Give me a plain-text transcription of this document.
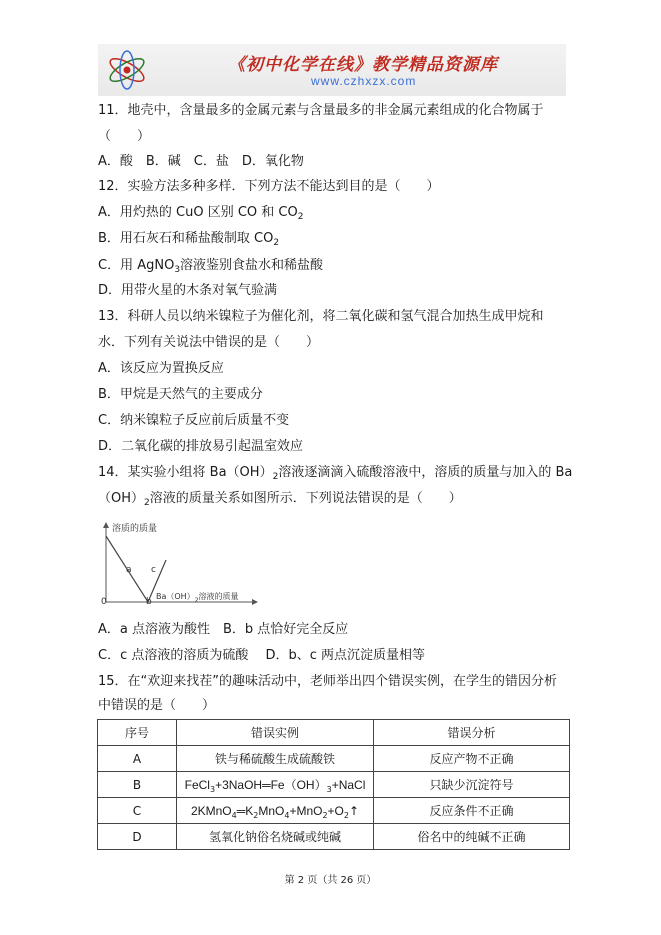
《初中化学在线》教学精品资源库
www.czhxzx.com
11．地壳中，含量最多的金属元素与含量最多的非金属元素组成的化合物属于
（　　）
A．酸　B．碱　C．盐　D．氧化物
12．实验方法多种多样．下列方法不能达到目的是（　　）
A．用灼热的 CuO 区别 CO 和 $CO_2$
B．用石灰石和稀盐酸制取 $CO_2$
C．用 AgNO$_3$溶液鉴别食盐水和稀盐酸
D．用带火星的木条对氧气验满
13．科研人员以纳米镍粒子为催化剂，将二氧化碳和氢气混合加热生成甲烷和
水．下列有关说法中错误的是（　　）
A．该反应为置换反应
B．甲烷是天然气的主要成分
C．纳米镍粒子反应前后质量不变
D．二氧化碳的排放易引起温室效应
14．某实验小组将 $Ba(OH)_2$溶液逐滴滴入硫酸溶液中，溶质的质量与加入的 Ba
$(OH)_2$溶液的质量关系如图所示．下列说法错误的是（　　）
溶质的质量
0
a
b
c
$Ba(OH)_2$溶液的质量
A．a 点溶液为酸性　B．b 点恰好完全反应
C．c 点溶液的溶质为硫酸　 D．b、c 两点沉淀质量相等
15．在“欢迎来找茬”的趣味活动中，老师举出四个错误实例，在学生的错因分析
中错误的是（　　）
序号	错误实例	错误分析
A	铁与稀硫酸生成硫酸铁	反应产物不正确
B	$FeCl_3+3NaOH═Fe(OH)_3+NaCl$	只缺少沉淀符号
C	$2KMnO_4═K_2MnO_4+MnO_2+O_2↑$	反应条件不正确
D	氢氧化钠俗名烧碱或纯碱	俗名中的纯碱不正确
第 2 页（共 26 页）
